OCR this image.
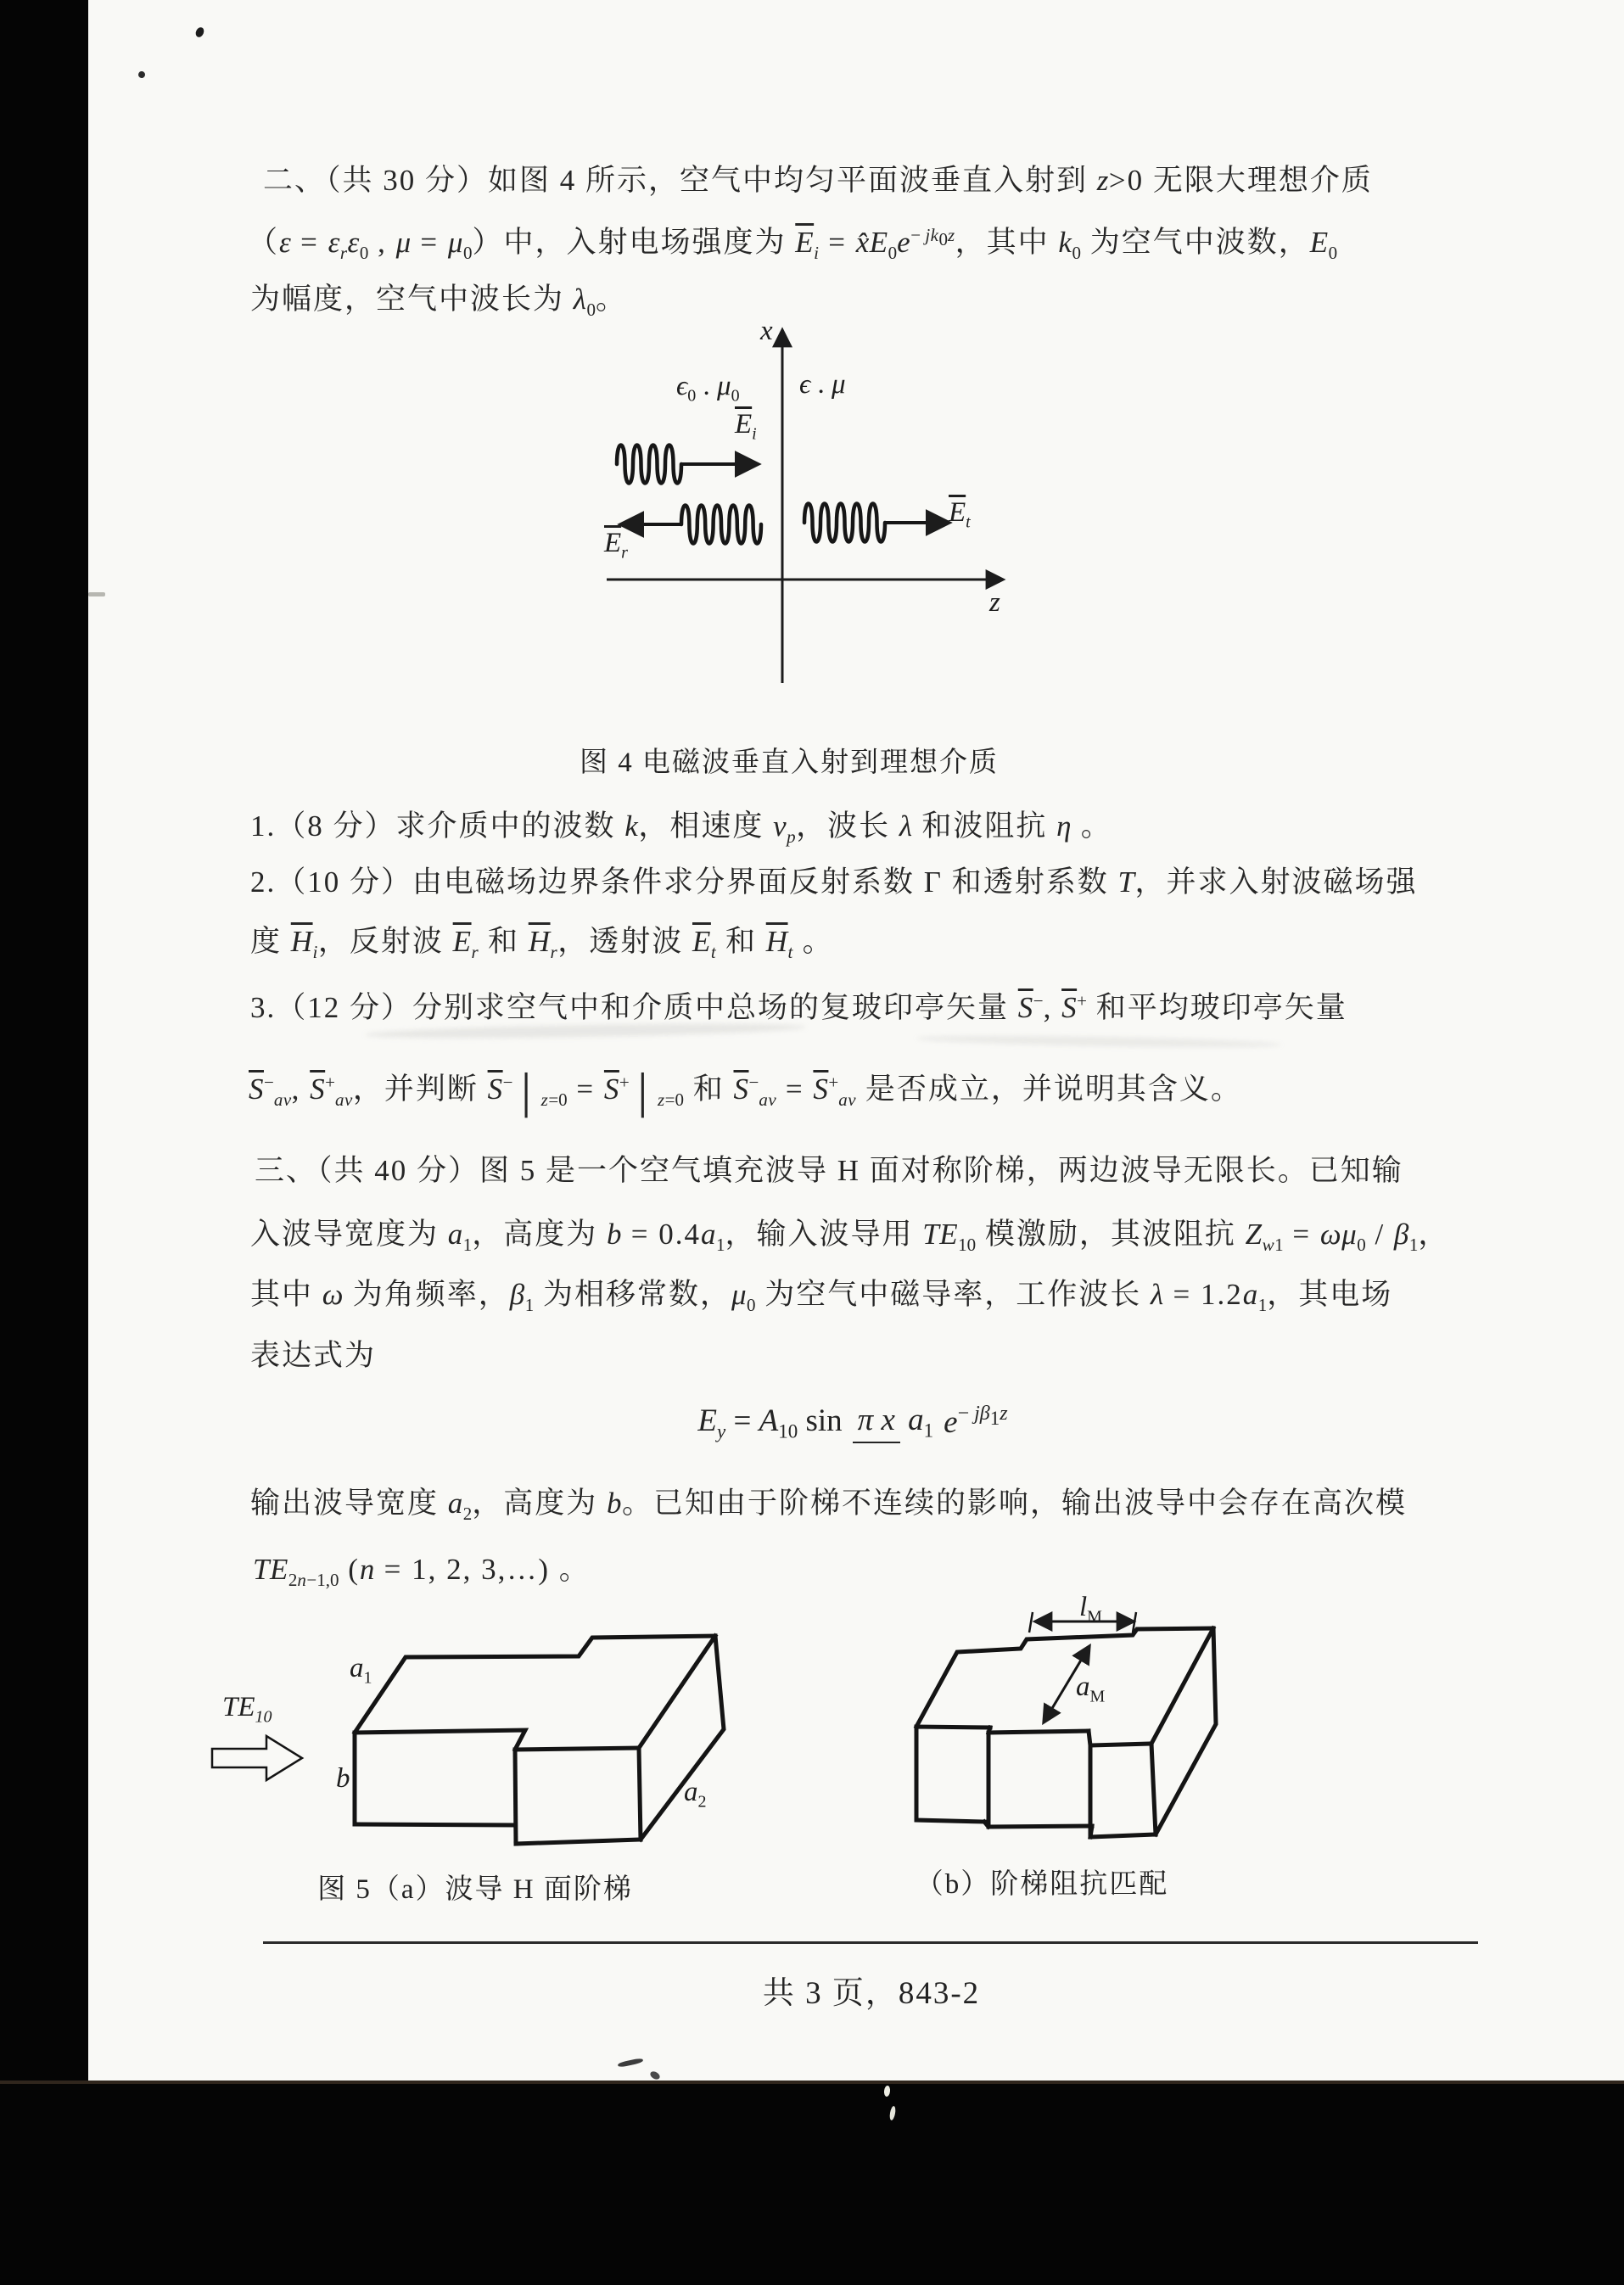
二、（共 30 分）如图 4 所示，空气中均匀平面波垂直入射到 z>0 无限大理想介质
（$\varepsilon = \varepsilon_r\varepsilon_0$ , $\mu = \mu_0$）中，入射电场强度为 $\overline{E}_i$ = $x̂E_0e^{- jk_0z}$，其中 $k_0$ 为空气中波数，$E_0$
为幅度，空气中波长为 $\lambda_0$。
x
z
$\epsilon_0$ . $\mu_0$ ϵ . μ
$\overline{E}_i$
$\overline{E}_r$
$\overline{E}_t$
图 4 电磁波垂直入射到理想介质
1.（8 分）求介质中的波数 k，相速度 $v_p$，波长 λ 和波阻抗 η 。
2.（10 分）由电磁场边界条件求分界面反射系数 Γ 和透射系数 T，并求入射波磁场强
度 $\overline{H}_i$，反射波 $\overline{E}_r$ 和 $\overline{H}_r$，透射波 $\overline{E}_t$ 和 $\overline{H}_t$ 。
3.（12 分）分别求空气中和介质中总场的复玻印亭矢量 $\overline{S}^-$, $\overline{S}^+$ 和平均玻印亭矢量
$\overline{S}^-_{av}$, $\overline{S}^+_{av}$，并判断 $\overline{S}^-│_{z=0}$ = $\overline{S}^+│_{z=0}$ 和 $\overline{S}^-_{av} = \overline{S}^+_{av}$ 是否成立，并说明其含义。
三、（共 40 分）图 5 是一个空气填充波导 H 面对称阶梯，两边波导无限长。已知输
入波导宽度为 $a_1$，高度为 $b = 0.4a_1$，输入波导用 $TE_{10}$ 模激励，其波阻抗 $Z_{w1} = \omega\mu_0 / \beta_1$，
其中 ω 为角频率，$\beta_1$ 为相移常数，$\mu_0$ 为空气中磁导率，工作波长 $\lambda = 1.2a_1$，其电场
表达式为
$E_y = A_{10}$ sin π x $a_1$ $e^{- j\beta_1z}$
输出波导宽度 $a_2$，高度为 b。已知由于阶梯不连续的影响，输出波导中会存在高次模
$TE_{2n-1,0}$ (n = 1, 2, 3,…) 。
$a_1$
$TE_{10}$
b	$a_2$
图 5（a）波导 H 面阶梯
$l_M$
$a_M$
（b）阶梯阻抗匹配
共 3 页，843-2
